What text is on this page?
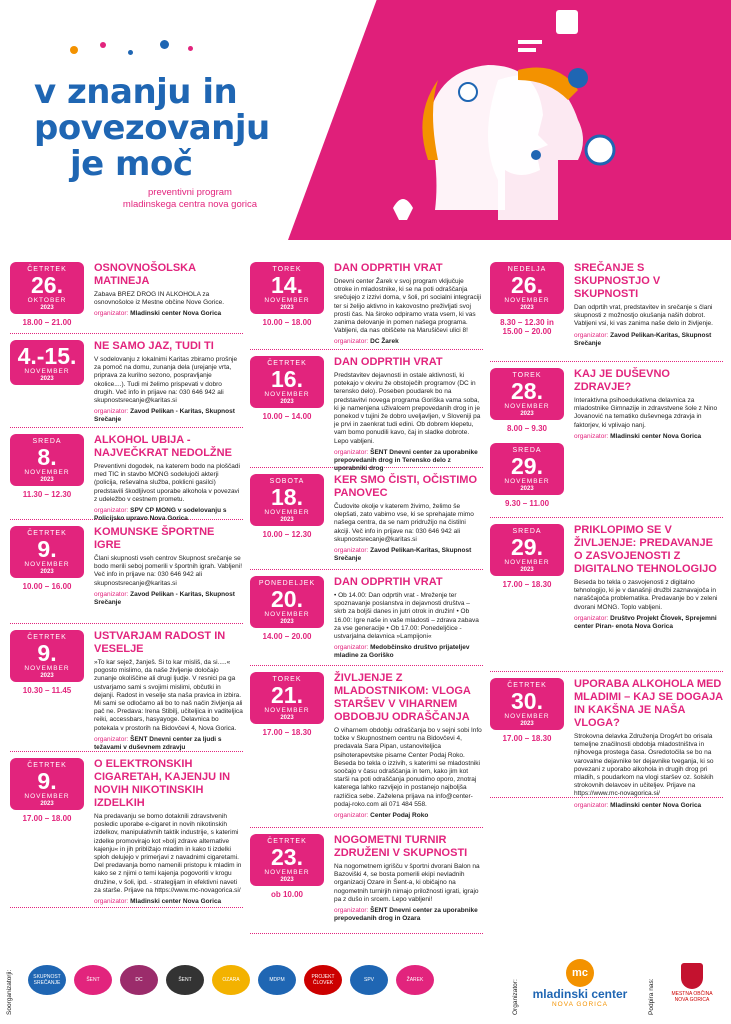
v znanju in
povezovanju
je moč
preventivni program
mladinskega centra nova gorica
ČETRTEK
26.
OKTOBER
2023
18.00 – 21.00
OSNOVNOŠOLSKA MATINEJA
Zabava BREZ DROG IN ALKOHOLA za osnovnošolce iz Mestne občine Nove Gorice.
organizator: Mladinski center Nova Gorica
4.-15.
NOVEMBER
2023
NE SAMO JAZ, TUDI TI
V sodelovanju z lokalnimi Karitas zbiramo prošnje za pomoč na domu, zunanja dela (urejanje vrta, priprava za kurilno sezono, pospravljanje okolice....). Tudi mi želimo prispevati v dobro drugih. Več info in prijave na: 030 646 942 ali skupnostsrecanje@karitas.si
organizator: Zavod Pelikan - Karitas, Skupnost Srečanje
SREDA
8.
NOVEMBER
2023
11.30 – 12.30
ALKOHOL UBIJA - NAJVEČKRAT NEDOLŽNE
Preventivni dogodek, na katerem bodo na ploščadi med TIC in stavbo MONG sodelujoči akterji (policija, reševalna služba, poklicni gasilci) predstavili škodljivost uporabe alkohola v povezavi z udeležbo v cestnem prometu.
organizator: SPV CP MONG v sodelovanju s Policijsko upravo Nova Gorica
ČETRTEK
9.
NOVEMBER
2023
10.00 – 16.00
KOMUNSKE ŠPORTNE IGRE
Člani skupnosti vseh centrov Skupnost srečanje se bodo merili seboj pomerili v športnih igrah. Vabljeni! Več info in prijave na: 030 646 942 ali skupnostsrecanje@karitas.si
organizator: Zavod Pelikan - Karitas, Skupnost Srečanje
ČETRTEK
9.
NOVEMBER
2023
10.30 – 11.45
USTVARJAM RADOST IN VESELJE
»To kar sejež, žanješ. Si to kar misliš, da si.....« pogosto mislimo, da naše življenje določajo zunanje okoliščine ali drugi ljudje. V resnici pa ga ustvarjamo sami s svojimi mislimi, občutki in dejanji. Radost in veselje sta naša pravica in izbira. Mi sami se odločamo ali bo to naš način življenja ali pač ne. Predava: Irena Stibilj, učiteljica in vaditeljica reiki, accessbars, hasyayoge. Delavnica bo potekala v prostorih na Bidovčevi 4, Nova Gorica.
organizator: ŠENT Dnevni center za ljudi s težavami v duševnem zdravju
ČETRTEK
9.
NOVEMBER
2023
17.00 – 18.00
O ELEKTRONSKIH CIGARETAH, KAJENJU IN NOVIH NIKOTINSKIH IZDELKIH
Na predavanju se bomo dotaknili zdravstvenih posledic uporabe e-cigaret in novih nikotinskih izdelkov, manipulativnih taktik industrije, s katerimi izdelke promovirajo kot »bolj zdrave alternative kajenju« in jih približajo mladim in kako ti izdelki sploh delujejo v primerjavi z navadnimi cigaretami. Del predavanja bomo namenili pristopu k mladim in kako se z njimi o temi kajenja pogovoriti v krogu družine, v šoli, ipd. - strategijam in efektivni naveti za starše. Prijave na https://www.mc-novagorica.si/
organizator: Mladinski center Nova Gorica
TOREK
14.
NOVEMBER
2023
10.00 – 18.00
DAN ODPRTIH VRAT
Dnevni center Žarek v svoj program vključuje otroke in mladostnike, ki se na poti odraščanja srečujejo z izzivi doma, v šoli, pri socialni integraciji ter si želijo aktivno in kakovostno preživljati svoj prosti čas. Na široko odpiramo vrata vsem, ki vas zanima delovanje in pomen našega programa. Vabljeni, da nas obiščete na Marušičevi ulici 8!
organizator: DC Žarek
ČETRTEK
16.
NOVEMBER
2023
10.00 – 14.00
DAN ODPRTIH VRAT
Predstavitev dejavnosti in ostale aktivnosti, ki potekajo v okviru že obstoječih programov (DC in terensko delo). Poseben poudarek bo na predstavitvi novega programa Goriška vama soba, ki je namenjena uživalcem prepovedanih drog in je ponekod v tujini že dobro uveljavljen, v Sloveniji pa je prvi in zaenkrat tudi edini. Ob dobrem klepetu, vam bomo ponudili kavo, čaj in sladke dobrote. Lepo vabljeni.
organizator: ŠENT Dnevni center za uporabnike prepovedanih drog in Terensko delo z uporabniki drog
SOBOTA
18.
NOVEMBER
2023
10.00 – 12.30
KER SMO ČISTI, OČISTIMO PANOVEC
Čudovite okolje v katerem živimo, želimo še olepšati, zato vabimo vse, ki se sprehajate mimo našega centra, da se nam pridružijo na čistilni akciji. Več info in prijave na: 030 646 942 ali skupnostsrecanje@karitas.si
organizator: Zavod Pelikan-Karitas, Skupnost Srečanje
PONEDELJEK
20.
NOVEMBER
2023
14.00 – 20.00
DAN ODPRTIH VRAT
• Ob 14.00: Dan odprtih vrat - Mreženje ter spoznavanje poslanstva in dejavnosti društva – skrb za boljši danes in jutri otrok in družin! • Ob 16.00: Igre naše in vaše mladosti – zdrava zabava za vse generacije • Ob 17.00: Ponedeljčice - ustvarjalna delavnica »Lampijoni«
organizator: Medobčinsko društvo prijateljev mladine za Goriško
TOREK
21.
NOVEMBER
2023
17.00 – 18.30
ŽIVLJENJE Z MLADOSTNIKOM: VLOGA STARŠEV V VIHARNEM OBDOBJU ODRAŠČANJA
O viharnem obdobju odraščanja bo v sejni sobi Info točke v Skupnostnem centru na Bidovčevi 4, predavala Sara Pipan, ustanoviteljica psihoterapevtske pisarne Center Podaj Roko. Beseda bo tekla o izzivih, s katerimi se mladostniki soočajo v času odraščanja in tem, kako jim kot starši na poti odraščanja ponudimo oporo, znotraj katerega lahko razvijejo in postanejo najboljša različica sebe. Zaželena prijava na info@center-podaj-roko.com ali 071 484 558.
organizator: Center Podaj Roko
ČETRTEK
23.
NOVEMBER
2023
ob 10.00
NOGOMETNI TURNIR ZDRUŽENI V SKUPNOSTI
Na nogometnem igrišču v športni dvorani Balon na Bazoviški 4, se bosta pomerili ekipi nevladnih organizacij Ozare in Šent-a, ki običajno na nogometnih turnirjih nimajo priložnosti igrati, igrajo pa z dušo in srcem. Lepo vabljeni!
organizator: ŠENT Dnevni center za uporabnike prepovedanih drog in Ozara
NEDELJA
26.
NOVEMBER
2023
8.30 – 12.30 in 15.00 – 20.00
SREČANJE S SKUPNOSTJO V SKUPNOSTI
Dan odprtih vrat, predstavitev in srečanje s člani skupnosti z možnostjo okušanja naših dobrot. Vabljeni vsi, ki vas zanima naše delo in življenje.
organizator: Zavod Pelikan-Karitas, Skupnost Srečanje
TOREK
28.
NOVEMBER
2023
8.00 – 9.30
SREDA
29.
NOVEMBER
2023
9.30 – 11.00
KAJ JE DUŠEVNO ZDRAVJE?
Interaktivna psihoedukativna delavnica za mladostnike Gimnazije in zdravstvene šole z Nino Jovanović na tematiko duševnega zdravja in faktorjev, ki vplivajo nanj.
organizator: Mladinski center Nova Gorica
SREDA
29.
NOVEMBER
2023
17.00 – 18.30
PRIKLOPIMO SE V ŽIVLJENJE: PREDAVANJE O ZASVOJENOSTI Z DIGITALNO TEHNOLOGIJO
Beseda bo tekla o zasvojenosti z digitalno tehnologijo, ki je v današnji družbi zaznavajoča in naraščajoča problematika. Predavanje bo v zeleni dvorani MONG. Toplo vabljeni.
organizator: Društvo Projekt Človek, Sprejemni center Piran- enota Nova Gorica
ČETRTEK
30.
NOVEMBER
2023
17.00 – 18.30
UPORABA ALKOHOLA MED MLADIMI – KAJ SE DOGAJA IN KAKŠNA JE NAŠA VLOGA?
Strokovna delavka Združenja DrogArt bo orisala temeljne značilnosti obdobja mladostništva in njihovega prostega časa. Osredotočila se bo na varovalne dejavnike ter dejavnike tveganja, ki so povezani z uporabo alkohola in drugih drog pri mladih, s poudarkom na vlogi staršev oz. šolskih strokovnih delavcev in učiteljev. Prijave na https://www.mc-novagorica.si/
organizator: Mladinski center Nova Gorica
Soorganizatorji:	SKUPNOST SREČANJE	ŠENT	DC	ŠENT	OZARA	MDPM	PROJEKT ČLOVEK	SPV	ŽAREK	Organizator:
mc
mladinski center
NOVA GORICA	Podpira nas:	MESTNA OBČINA NOVA GORICA
